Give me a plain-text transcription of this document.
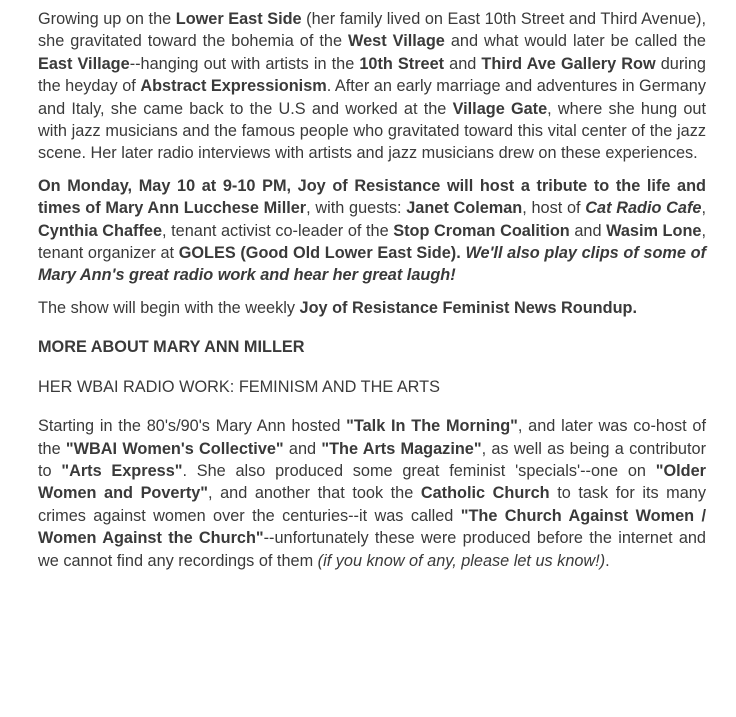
Growing up on the Lower East Side (her family lived on East 10th Street and Third Avenue), she gravitated toward the bohemia of the West Village and what would later be called the East Village--hanging out with artists in the 10th Street and Third Ave Gallery Row during the heyday of Abstract Expressionism. After an early marriage and adventures in Germany and Italy, she came back to the U.S and worked at the Village Gate, where she hung out with jazz musicians and the famous people who gravitated toward this vital center of the jazz scene. Her later radio interviews with artists and jazz musicians drew on these experiences.

On Monday, May 10 at 9-10 PM, Joy of Resistance will host a tribute to the life and times of Mary Ann Lucchese Miller, with guests: Janet Coleman, host of Cat Radio Cafe, Cynthia Chaffee, tenant activist co-leader of the Stop Croman Coalition and Wasim Lone, tenant organizer at GOLES (Good Old Lower East Side). We'll also play clips of some of Mary Ann's great radio work and hear her great laugh!

The show will begin with the weekly Joy of Resistance Feminist News Roundup.

MORE ABOUT MARY ANN MILLER

HER WBAI RADIO WORK: FEMINISM AND THE ARTS

Starting in the 80's/90's Mary Ann hosted "Talk In The Morning", and later was co-host of the "WBAI Women's Collective" and "The Arts Magazine", as well as being a contributor to "Arts Express". She also produced some great feminist 'specials'--one on "Older Women and Poverty", and another that took the Catholic Church to task for its many crimes against women over the centuries--it was called "The Church Against Women / Women Against the Church"--unfortunately these were produced before the internet and we cannot find any recordings of them (if you know of any, please let us know!).
